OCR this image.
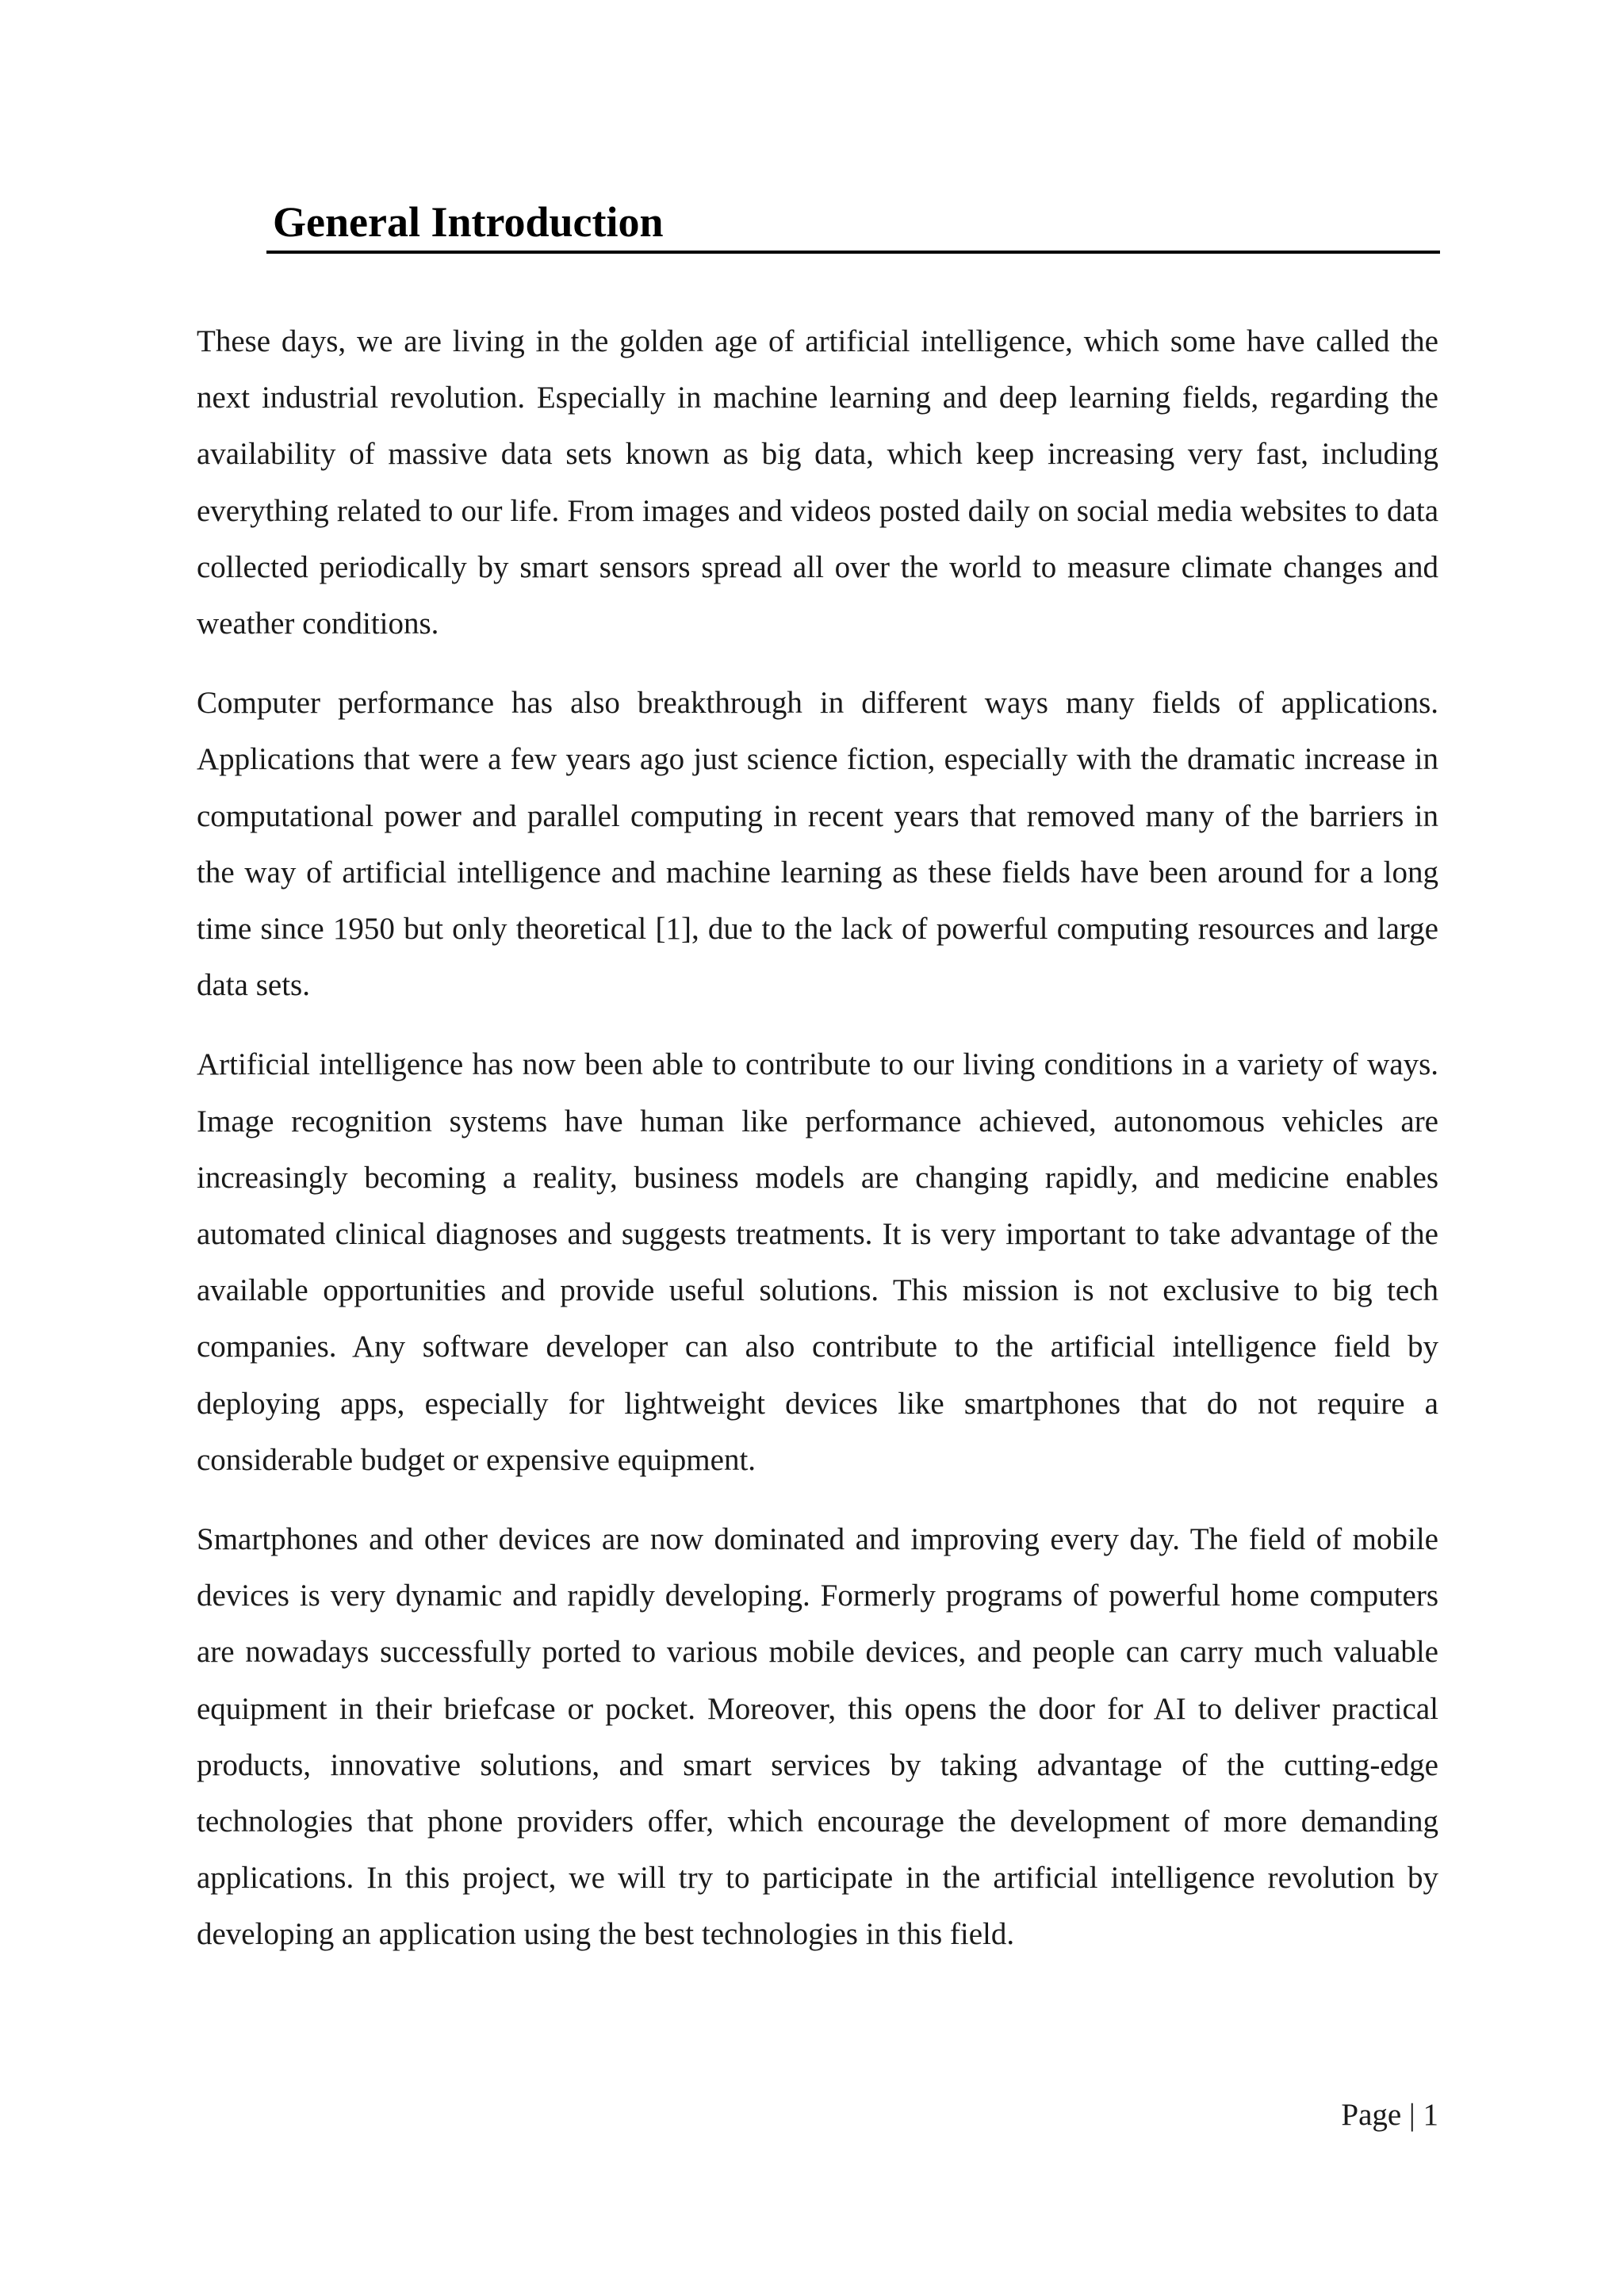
General Introduction

These days, we are living in the golden age of artificial intelligence, which some have called the next industrial revolution. Especially in machine learning and deep learning fields, regarding the availability of massive data sets known as big data, which keep increasing very fast, including everything related to our life. From images and videos posted daily on social media websites to data collected periodically by smart sensors spread all over the world to measure climate changes and weather conditions.

Computer performance has also breakthrough in different ways many fields of applications. Applications that were a few years ago just science fiction, especially with the dramatic increase in computational power and parallel computing in recent years that removed many of the barriers in the way of artificial intelligence and machine learning as these fields have been around for a long time since 1950 but only theoretical [1], due to the lack of powerful computing resources and large data sets.

Artificial intelligence has now been able to contribute to our living conditions in a variety of ways. Image recognition systems have human like performance achieved, autonomous vehicles are increasingly becoming a reality, business models are changing rapidly, and medicine enables automated clinical diagnoses and suggests treatments. It is very important to take advantage of the available opportunities and provide useful solutions. This mission is not exclusive to big tech companies. Any software developer can also contribute to the artificial intelligence field by deploying apps, especially for lightweight devices like smartphones that do not require a considerable budget or expensive equipment.

Smartphones and other devices are now dominated and improving every day. The field of mobile devices is very dynamic and rapidly developing. Formerly programs of powerful home computers are nowadays successfully ported to various mobile devices, and people can carry much valuable equipment in their briefcase or pocket. Moreover, this opens the door for AI to deliver practical products, innovative solutions, and smart services by taking advantage of the cutting-edge technologies that phone providers offer, which encourage the development of more demanding applications. In this project, we will try to participate in the artificial intelligence revolution by developing an application using the best technologies in this field.

Page | 1
